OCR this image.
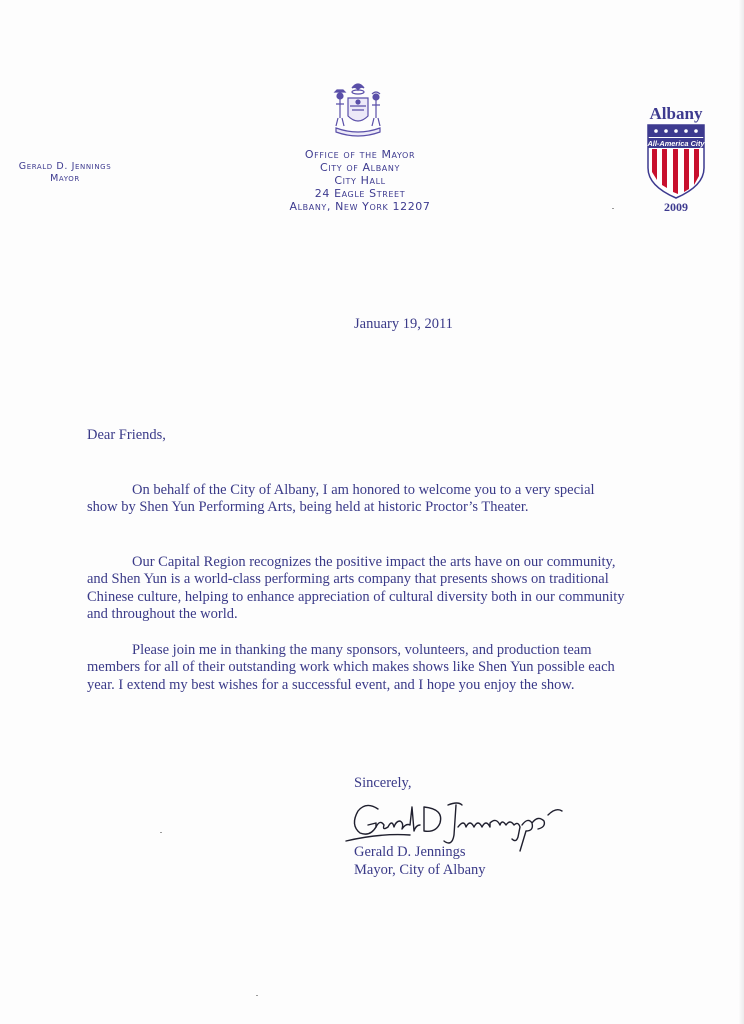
Gerald D. Jennings
Mayor
Office of the Mayor
City of Albany
City Hall
24 Eagle Street
Albany, New York 12207
Albany
All-America City
2009
January 19, 2011
Dear Friends,
On behalf of the City of Albany, I am honored to welcome you to a very special show by Shen Yun Performing Arts, being held at historic Proctor’s Theater.
Our Capital Region recognizes the positive impact the arts have on our community, and Shen Yun is a world-class performing arts company that presents shows on traditional Chinese culture, helping to enhance appreciation of cultural diversity both in our community and throughout the world.
Please join me in thanking the many sponsors, volunteers, and production team members for all of their outstanding work which makes shows like Shen Yun possible each year. I extend my best wishes for a successful event, and I hope you enjoy the show.
Sincerely,
Gerald D. Jennings
Mayor, City of Albany
